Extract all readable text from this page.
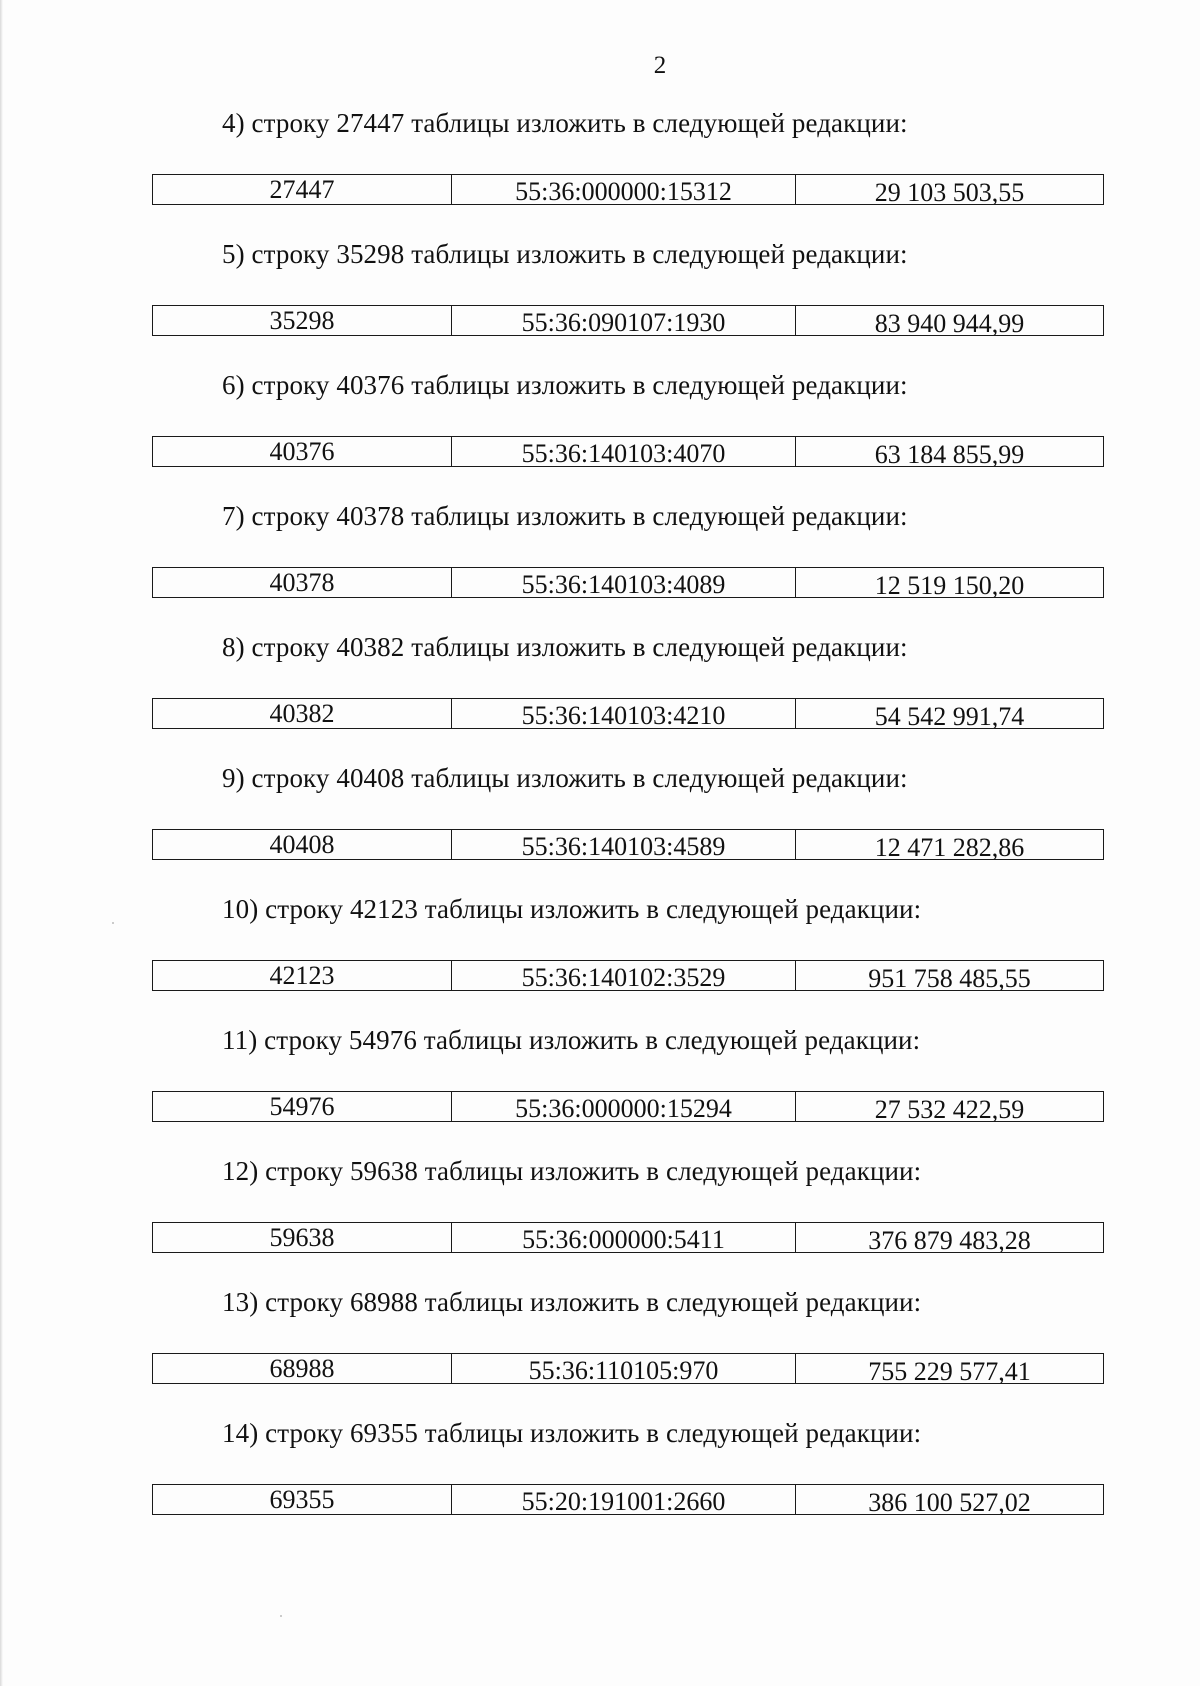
2
4) строку 27447 таблицы изложить в следующей редакции:
27447	55:36:000000:15312	29 103 503,55
5) строку 35298 таблицы изложить в следующей редакции:
35298	55:36:090107:1930	83 940 944,99
6) строку 40376 таблицы изложить в следующей редакции:
40376	55:36:140103:4070	63 184 855,99
7) строку 40378 таблицы изложить в следующей редакции:
40378	55:36:140103:4089	12 519 150,20
8) строку 40382 таблицы изложить в следующей редакции:
40382	55:36:140103:4210	54 542 991,74
9) строку 40408 таблицы изложить в следующей редакции:
40408	55:36:140103:4589	12 471 282,86
10) строку 42123 таблицы изложить в следующей редакции:
42123	55:36:140102:3529	951 758 485,55
11) строку 54976 таблицы изложить в следующей редакции:
54976	55:36:000000:15294	27 532 422,59
12) строку 59638 таблицы изложить в следующей редакции:
59638	55:36:000000:5411	376 879 483,28
13) строку 68988 таблицы изложить в следующей редакции:
68988	55:36:110105:970	755 229 577,41
14) строку 69355 таблицы изложить в следующей редакции:
69355	55:20:191001:2660	386 100 527,02
